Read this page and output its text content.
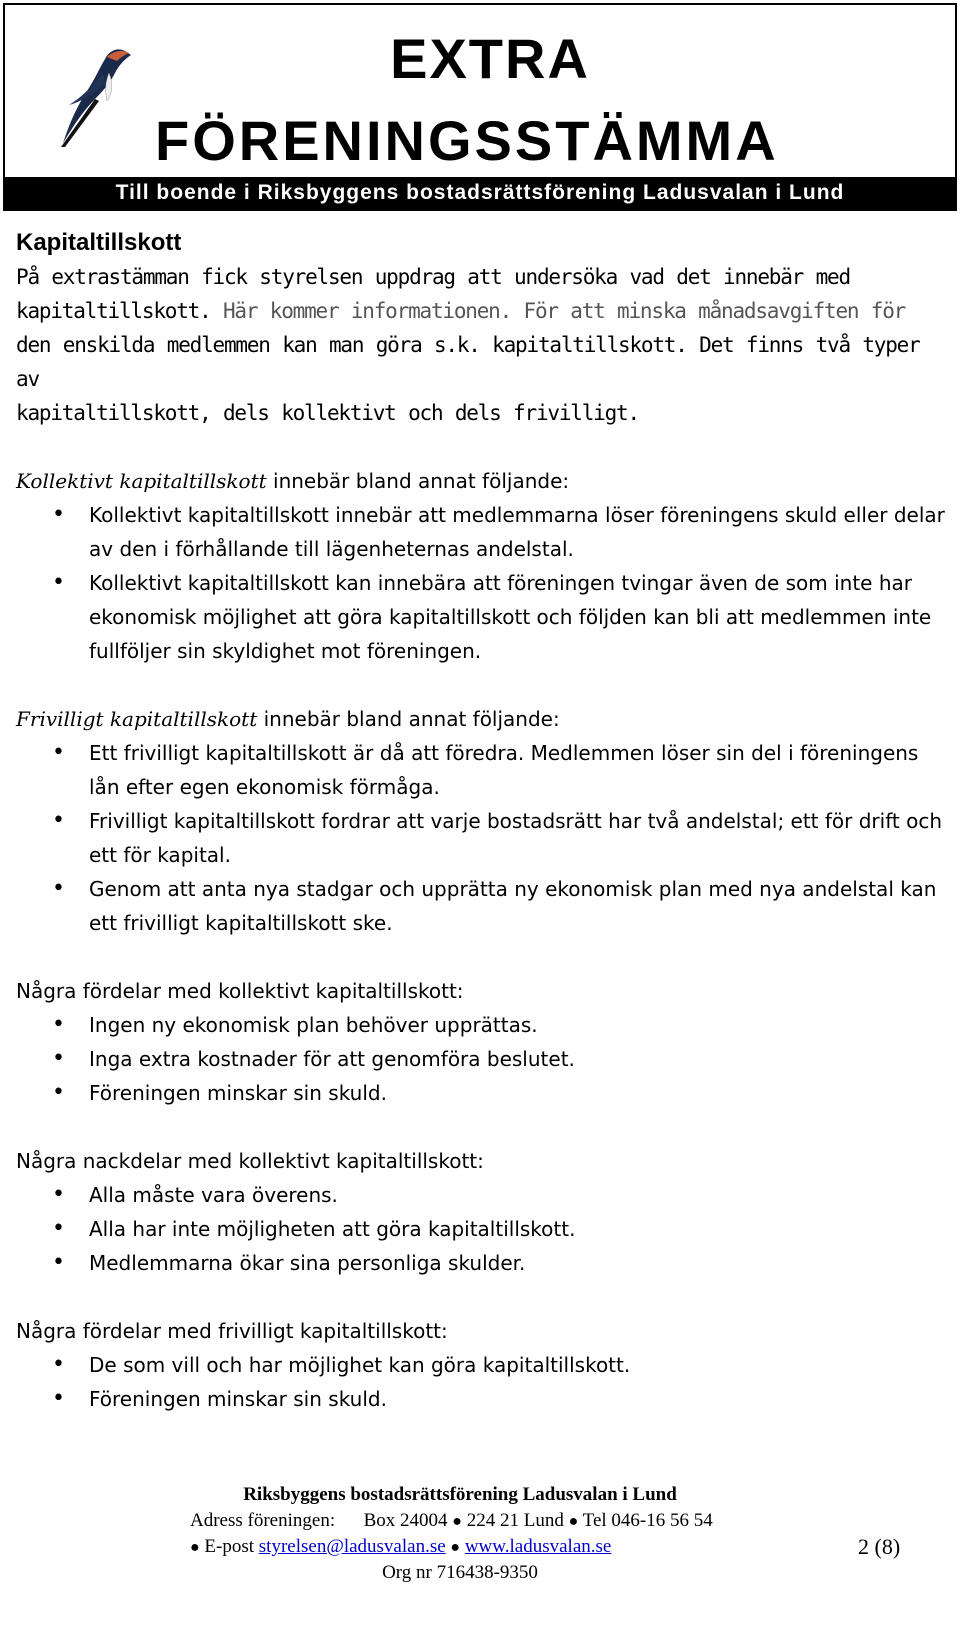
EXTRA
FÖRENINGSSTÄMMA
Till boende i Riksbyggens bostadsrättsförening Ladusvalan i Lund
Kapitaltillskott

På extrastämman fick styrelsen uppdrag att undersöka vad det innebär med

kapitaltillskott. Här kommer informationen. För att minska månadsavgiften för

den enskilda medlemmen kan man göra s.k. kapitaltillskott. Det finns två typer av

kapitaltillskott, dels kollektivt och dels frivilligt.

Kollektivt kapitaltillskott innebär bland annat följande:

• Kollektivt kapitaltillskott innebär att medlemmarna löser föreningens skuld eller delar av den i förhållande till lägenheternas andelstal.
• Kollektivt kapitaltillskott kan innebära att föreningen tvingar även de som inte har ekonomisk möjlighet att göra kapitaltillskott och följden kan bli att medlemmen inte fullföljer sin skyldighet mot föreningen.

Frivilligt kapitaltillskott innebär bland annat följande:

• Ett frivilligt kapitaltillskott är då att föredra. Medlemmen löser sin del i föreningens lån efter egen ekonomisk förmåga.
• Frivilligt kapitaltillskott fordrar att varje bostadsrätt har två andelstal; ett för drift och ett för kapital.
• Genom att anta nya stadgar och upprätta ny ekonomisk plan med nya andelstal kan ett frivilligt kapitaltillskott ske.

Några fördelar med kollektivt kapitaltillskott:

• Ingen ny ekonomisk plan behöver upprättas.
• Inga extra kostnader för att genomföra beslutet.
• Föreningen minskar sin skuld.

Några nackdelar med kollektivt kapitaltillskott:

• Alla måste vara överens.
• Alla har inte möjligheten att göra kapitaltillskott.
• Medlemmarna ökar sina personliga skulder.

Några fördelar med frivilligt kapitaltillskott:

• De som vill och har möjlighet kan göra kapitaltillskott.
• Föreningen minskar sin skuld.
Riksbyggens bostadsrättsförening Ladusvalan i Lund
Adress föreningen: Box 24004 ● 224 21 Lund ● Tel 046-16 56 54
● E-post styrelsen@ladusvalan.se ● www.ladusvalan.se	2 (8)
Org nr 716438-9350
